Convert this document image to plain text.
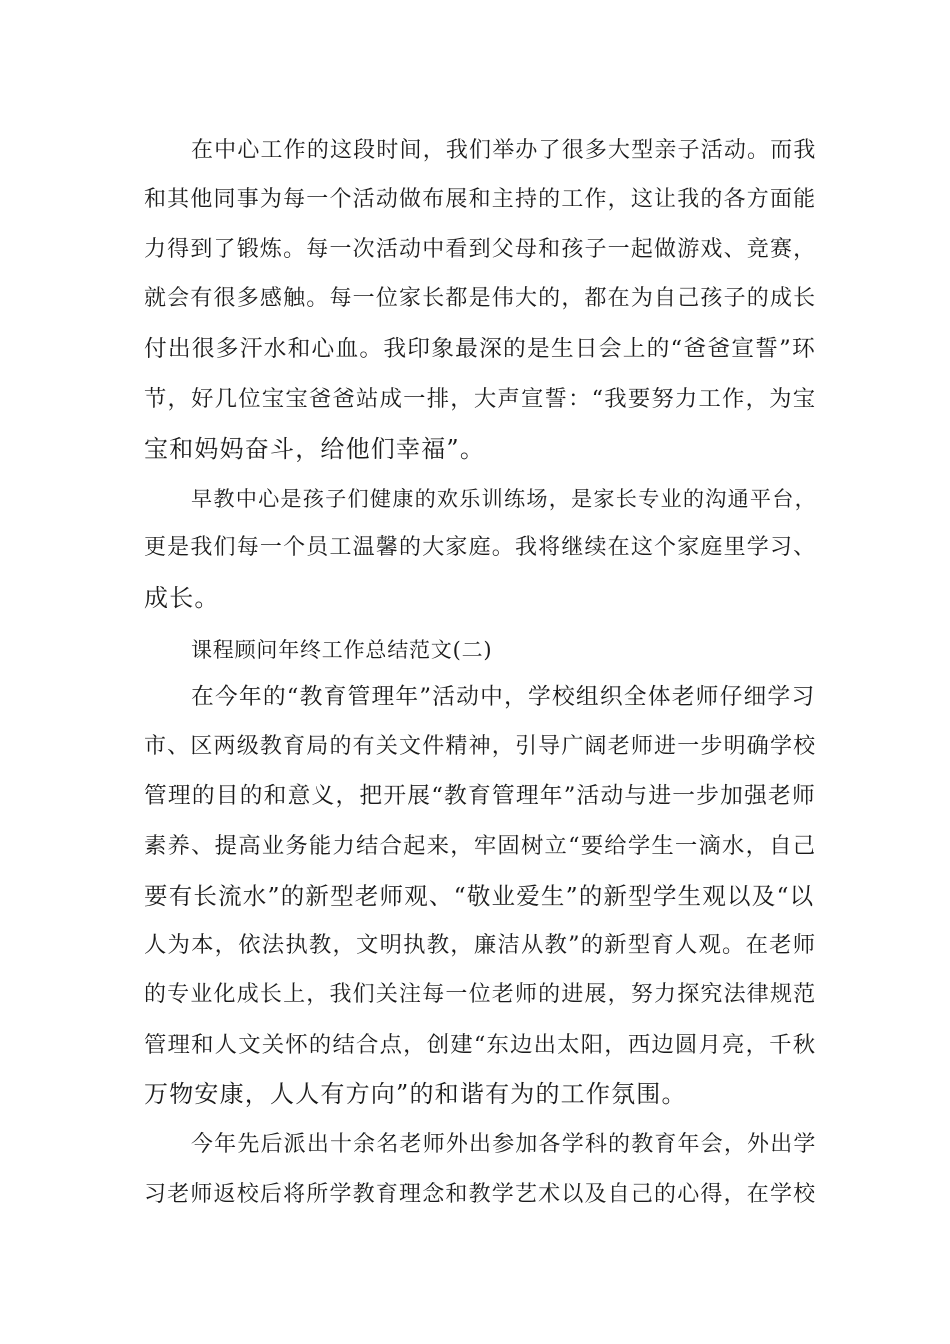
在中心工作的这段时间，我们举办了很多大型亲子活动。而我
和其他同事为每一个活动做布展和主持的工作，这让我的各方面能
力得到了锻炼。每一次活动中看到父母和孩子一起做游戏、竞赛，
就会有很多感触。每一位家长都是伟大的，都在为自己孩子的成长
付出很多汗水和心血。我印象最深的是生日会上的“爸爸宣誓”环
节，好几位宝宝爸爸站成一排，大声宣誓：“我要努力工作，为宝
宝和妈妈奋斗，给他们幸福”。
早教中心是孩子们健康的欢乐训练场，是家长专业的沟通平台，
更是我们每一个员工温馨的大家庭。我将继续在这个家庭里学习、
成长。
课程顾问年终工作总结范文(二)
在今年的“教育管理年”活动中，学校组织全体老师仔细学习
市、区两级教育局的有关文件精神，引导广阔老师进一步明确学校
管理的目的和意义，把开展“教育管理年”活动与进一步加强老师
素养、提高业务能力结合起来，牢固树立“要给学生一滴水，自己
要有长流水”的新型老师观、“敬业爱生”的新型学生观以及“以
人为本，依法执教，文明执教，廉洁从教”的新型育人观。在老师
的专业化成长上，我们关注每一位老师的进展，努力探究法律规范
管理和人文关怀的结合点，创建“东边出太阳，西边圆月亮，千秋
万物安康，人人有方向”的和谐有为的工作氛围。
今年先后派出十余名老师外出参加各学科的教育年会，外出学
习老师返校后将所学教育理念和教学艺术以及自己的心得，在学校
